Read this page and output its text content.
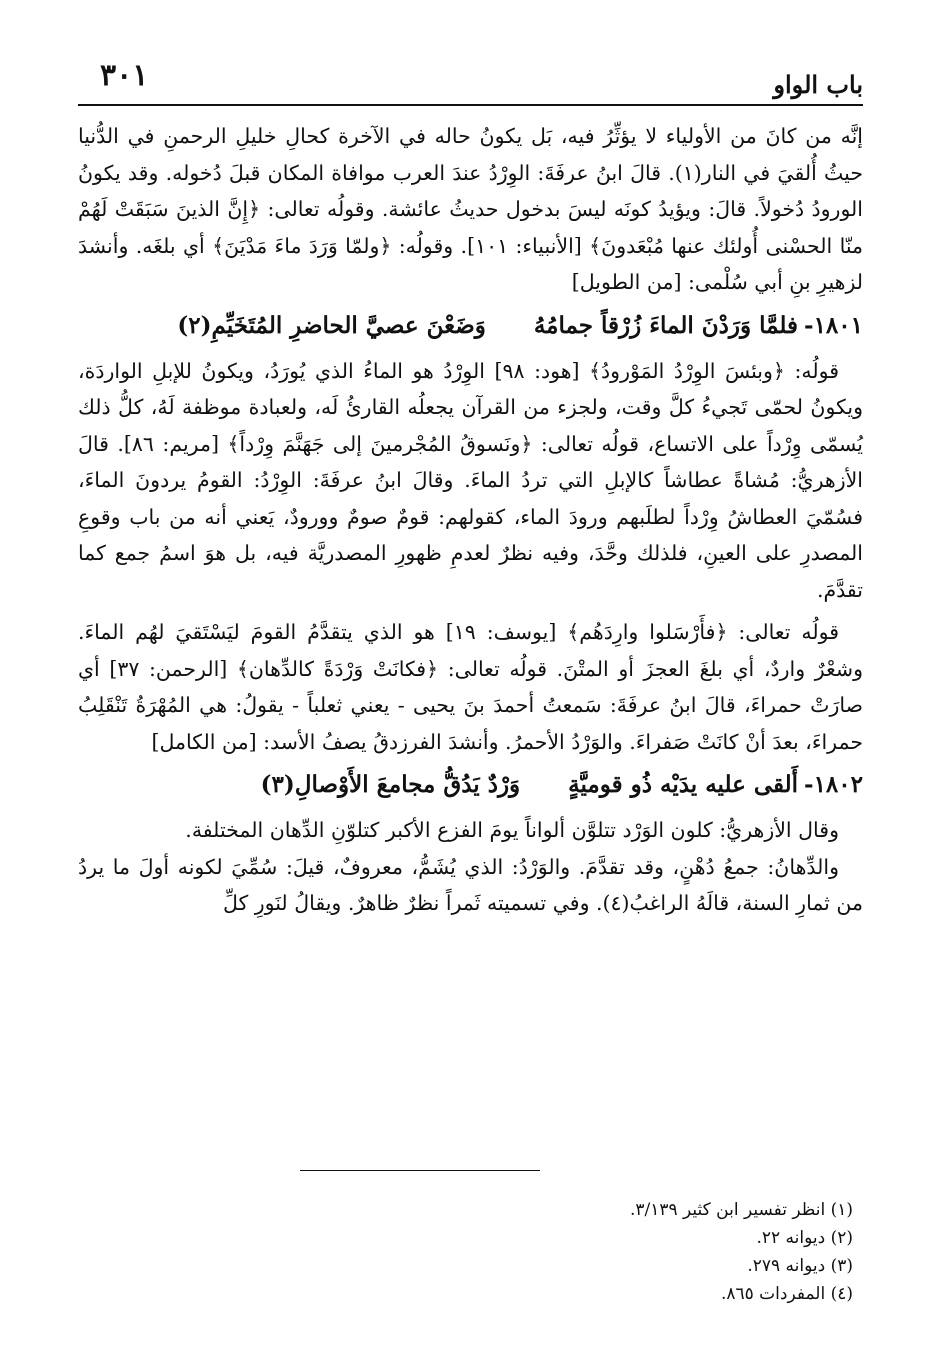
باب الواو
٣٠١

إنَّه من كانَ من الأولياء لا يؤثِّرُ فيه، بَل يكونُ حاله في الآخرة كحالِ خليلِ الرحمنِ في الدُّنيا حيثُ أُلقيَ في النار(١). قالَ ابنُ عرفَةَ: الوِرْدُ عندَ العرب موافاة المكان قبلَ دُخوله. وقد يكونُ الورودُ دُخولاً. قالَ: ويؤيدُ كونَه ليسَ بدخول حديثُ عائشة. وقولُه تعالى: ﴿إِنَّ الذينَ سَبَقَتْ لَهُمْ منّا الحسْنى أُولئك عنها مُبْعَدونَ﴾ [الأنبياء: ١٠١]. وقولُه: ﴿ولمّا وَرَدَ ماءَ مَدْيَنَ﴾ أي بلغَه. وأنشدَ لزهيرِ بنِ أبي سُلْمى: [من الطويل]

١٨٠١-
فلمَّا وَرَدْنَ الماءَ زُرْقاً جمامُهُ
وَضَعْنَ عصيَّ الحاضرِ المُتَخَيِّمِ(٢)

قولُه: ﴿وبئسَ الوِرْدُ المَوْرودُ﴾ [هود: ٩٨] الوِرْدُ هو الماءُ الذي يُورَدُ، ويكونُ للإبلِ الواردَة، ويكونُ لحمّى تَجيءُ كلَّ وقت، ولجزء من القرآن يجعلُه القارئُ لَه، ولعبادة موظفة لَهُ، كلُّ ذلك يُسمّى وِرْداً على الاتساع، قولُه تعالى: ﴿ونَسوقُ المُجْرمينَ إلى جَهَنَّمَ وِرْداً﴾ [مريم: ٨٦]. قالَ الأزهريُّ: مُشاةً عطاشاً كالإبلِ التي تردُ الماءَ. وقالَ ابنُ عرفَةَ: الوِرْدُ: القومُ يردونَ الماءَ، فسُمّيَ العطاشُ وِرْداً لطلَبهم ورودَ الماء، كقولهم: قومٌ صومٌ وورودٌ، يَعني أنه من باب وقوعِ المصدرِ على العينِ، فلذلك وحَّدَ، وفيه نظرٌ لعدمِ ظهورِ المصدريَّة فيه، بل هوَ اسمُ جمع كما تقدَّمَ.

قولُه تعالى: ﴿فأَرْسَلوا وارِدَهُم﴾ [يوسف: ١٩] هو الذي يتقدَّمُ القومَ ليَسْتَقيَ لهُم الماءَ. وشعْرٌ واردٌ، أي بلغَ العجزَ أو المتْنَ. قولُه تعالى: ﴿فكانَتْ وَرْدَةً كالدِّهان﴾ [الرحمن: ٣٧] أي صارَتْ حمراءَ، قالَ ابنُ عرفَةَ: سَمعتُ أحمدَ بنَ يحيى - يعني ثعلباً - يقولُ: هي المُهْرَةُ تَنْقَلِبُ حمراءَ، بعدَ أنْ كانَتْ صَفراءَ. والوَرْدُ الأحمرُ. وأنشدَ الفرزدقُ يصفُ الأسد: [من الكامل]

١٨٠٢-
أَلقى عليه يدَيْه ذُو قوميَّةٍ
وَرْدٌ يَدُقُّ مجامعَ الأَوْصالِ(٣)

وقال الأزهريُّ: كلون الوَرْد تتلوَّن ألواناً يومَ الفزع الأكبر كتلوّنِ الدِّهان المختلفة.

والدِّهانُ: جمعُ دُهْنٍ، وقد تقدَّمَ. والوَرْدُ: الذي يُشَمُّ، معروفٌ، قيلَ: سُمِّيَ لكونه أولَ ما يردُ من ثمارِ السنة، قالَهُ الراغبُ(٤). وفي تسميته ثَمراً نظرٌ ظاهرٌ. ويقالُ لنَورِ كلِّ

(١) انظر تفسير ابن كثير ٣/١٣٩.
(٢) ديوانه ٢٢.
(٣) ديوانه ٢٧٩.
(٤) المفردات ٨٦٥.
